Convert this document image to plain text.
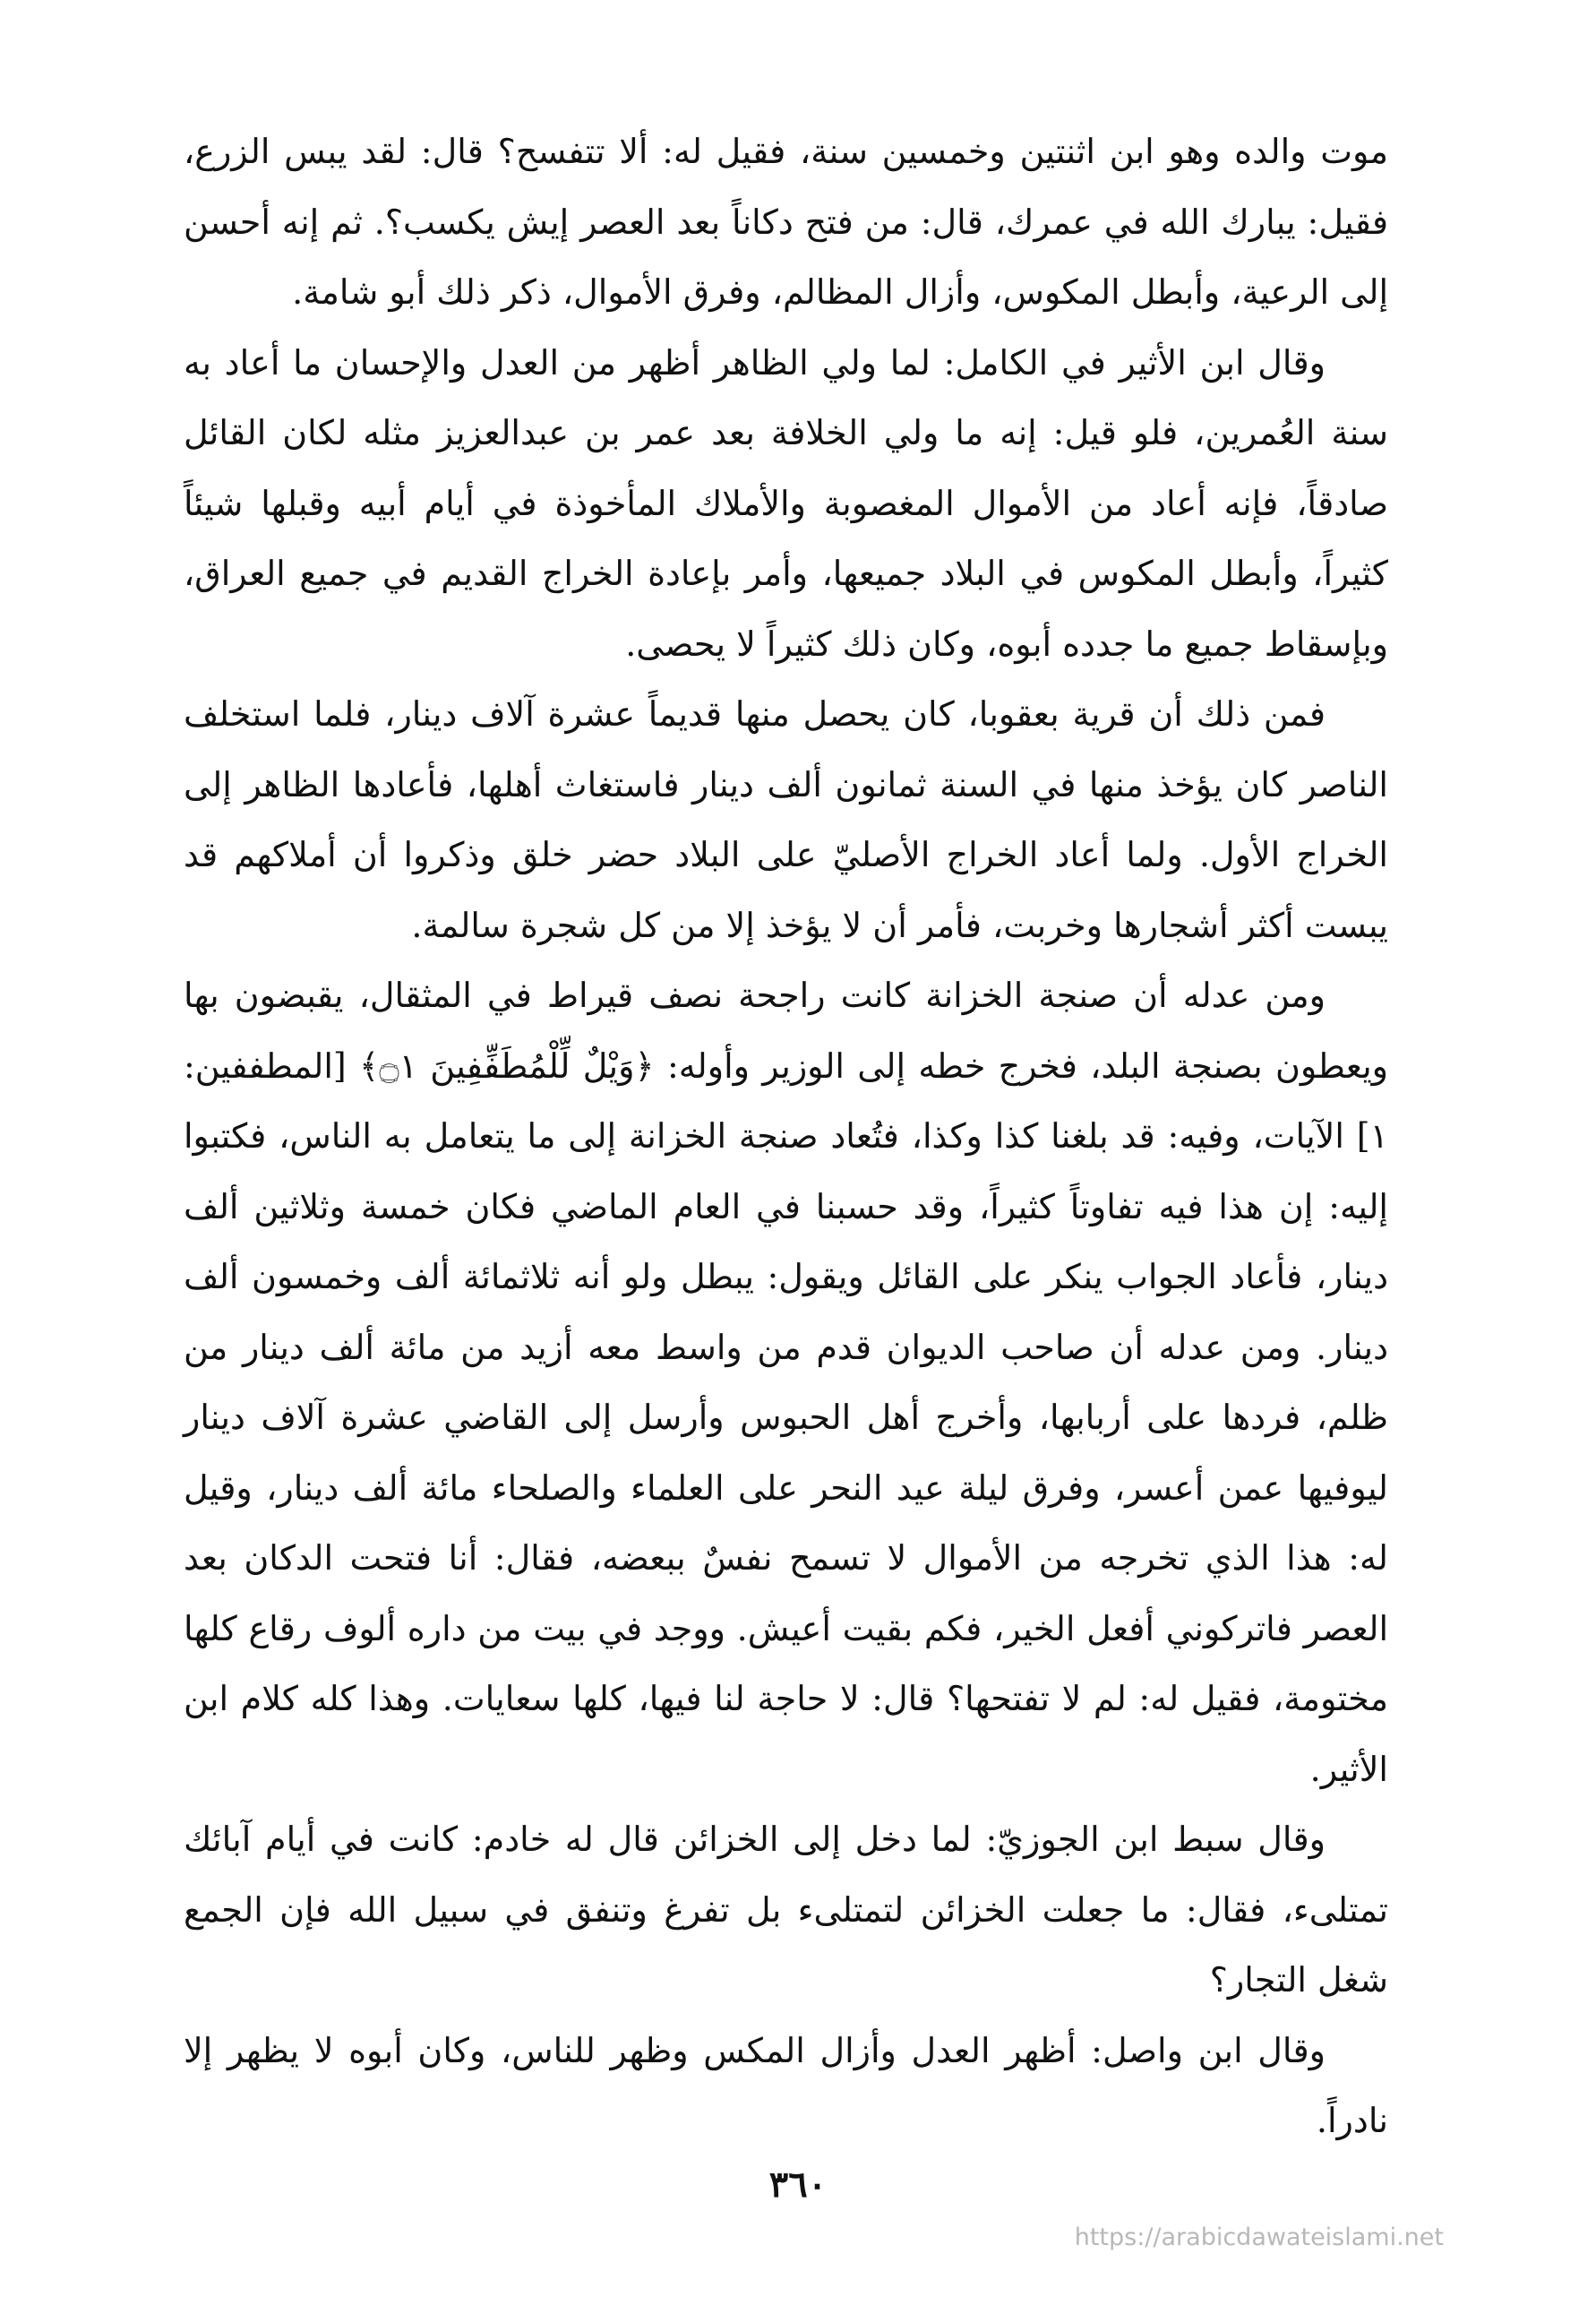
موت والده وهو ابن اثنتين وخمسين سنة، فقيل له: ألا تتفسح؟ قال: لقد يبس الزرع، فقيل: يبارك الله في عمرك، قال: من فتح دكاناً بعد العصر إيش يكسب؟. ثم إنه أحسن إلى الرعية، وأبطل المكوس، وأزال المظالم، وفرق الأموال، ذكر ذلك أبو شامة.

وقال ابن الأثير في الكامل: لما ولي الظاهر أظهر من العدل والإحسان ما أعاد به سنة العُمرين، فلو قيل: إنه ما ولي الخلافة بعد عمر بن عبدالعزيز مثله لكان القائل صادقاً، فإنه أعاد من الأموال المغصوبة والأملاك المأخوذة في أيام أبيه وقبلها شيئاً كثيراً، وأبطل المكوس في البلاد جميعها، وأمر بإعادة الخراج القديم في جميع العراق، وبإسقاط جميع ما جدده أبوه، وكان ذلك كثيراً لا يحصى.

فمن ذلك أن قرية بعقوبا، كان يحصل منها قديماً عشرة آلاف دينار، فلما استخلف الناصر كان يؤخذ منها في السنة ثمانون ألف دينار فاستغاث أهلها، فأعادها الظاهر إلى الخراج الأول. ولما أعاد الخراج الأصليّ على البلاد حضر خلق وذكروا أن أملاكهم قد يبست أكثر أشجارها وخربت، فأمر أن لا يؤخذ إلا من كل شجرة سالمة.

ومن عدله أن صنجة الخزانة كانت راجحة نصف قيراط في المثقال، يقبضون بها ويعطون بصنجة البلد، فخرج خطه إلى الوزير وأوله: ﴿وَيْلٌ لِّلْمُطَفِّفِينَ ۝١﴾ [المطففين: ١] الآيات، وفيه: قد بلغنا كذا وكذا، فتُعاد صنجة الخزانة إلى ما يتعامل به الناس، فكتبوا إليه: إن هذا فيه تفاوتاً كثيراً، وقد حسبنا في العام الماضي فكان خمسة وثلاثين ألف دينار، فأعاد الجواب ينكر على القائل ويقول: يبطل ولو أنه ثلاثمائة ألف وخمسون ألف دينار. ومن عدله أن صاحب الديوان قدم من واسط معه أزيد من مائة ألف دينار من ظلم، فردها على أربابها، وأخرج أهل الحبوس وأرسل إلى القاضي عشرة آلاف دينار ليوفيها عمن أعسر، وفرق ليلة عيد النحر على العلماء والصلحاء مائة ألف دينار، وقيل له: هذا الذي تخرجه من الأموال لا تسمح نفسٌ ببعضه، فقال: أنا فتحت الدكان بعد العصر فاتركوني أفعل الخير، فكم بقيت أعيش. ووجد في بيت من داره ألوف رقاع كلها مختومة، فقيل له: لم لا تفتحها؟ قال: لا حاجة لنا فيها، كلها سعايات. وهذا كله كلام ابن الأثير.

وقال سبط ابن الجوزيّ: لما دخل إلى الخزائن قال له خادم: كانت في أيام آبائك تمتلىء، فقال: ما جعلت الخزائن لتمتلىء بل تفرغ وتنفق في سبيل الله فإن الجمع شغل التجار؟

وقال ابن واصل: أظهر العدل وأزال المكس وظهر للناس، وكان أبوه لا يظهر إلا نادراً.

٣٦٠
https://arabicdawateislami.net
